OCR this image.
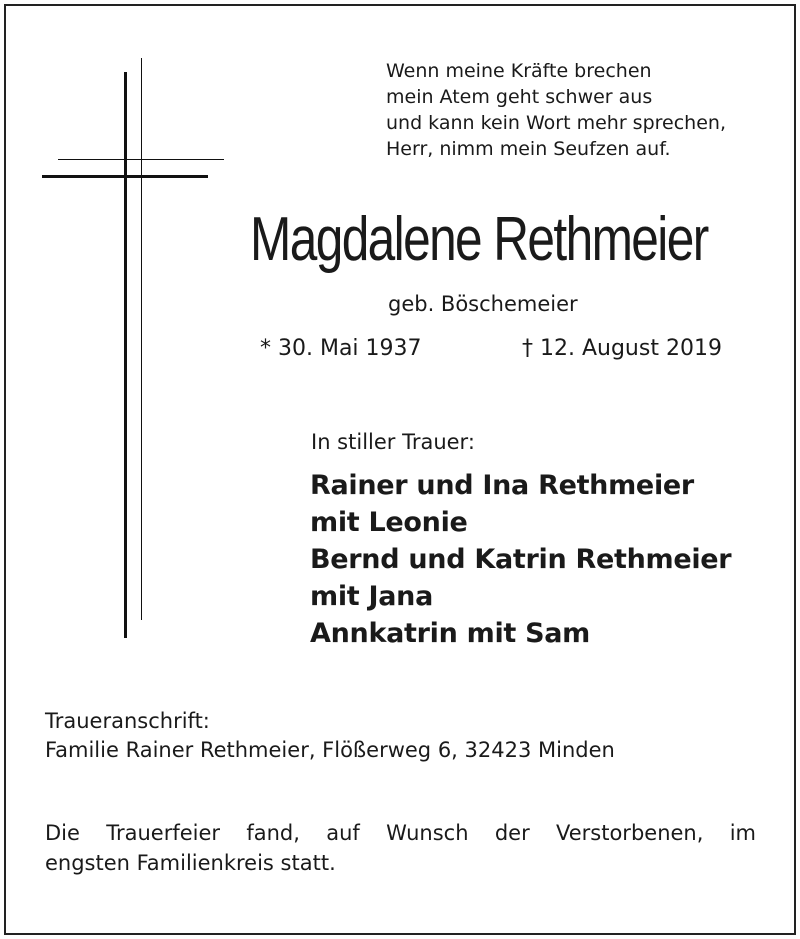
Wenn meine Kräfte brechen
mein Atem geht schwer aus
und kann kein Wort mehr sprechen,
Herr, nimm mein Seufzen auf.
Magdalene Rethmeier
geb. Böschemeier
* 30. Mai 1937	† 12. August 2019
In stiller Trauer:
Rainer und Ina Rethmeier
mit Leonie
Bernd und Katrin Rethmeier
mit Jana
Annkatrin mit Sam
Traueranschrift:
Familie Rainer Rethmeier, Flößerweg 6, 32423 Minden
Die Trauerfeier fand, auf Wunsch der Verstorbenen, im
engsten Familienkreis statt.
